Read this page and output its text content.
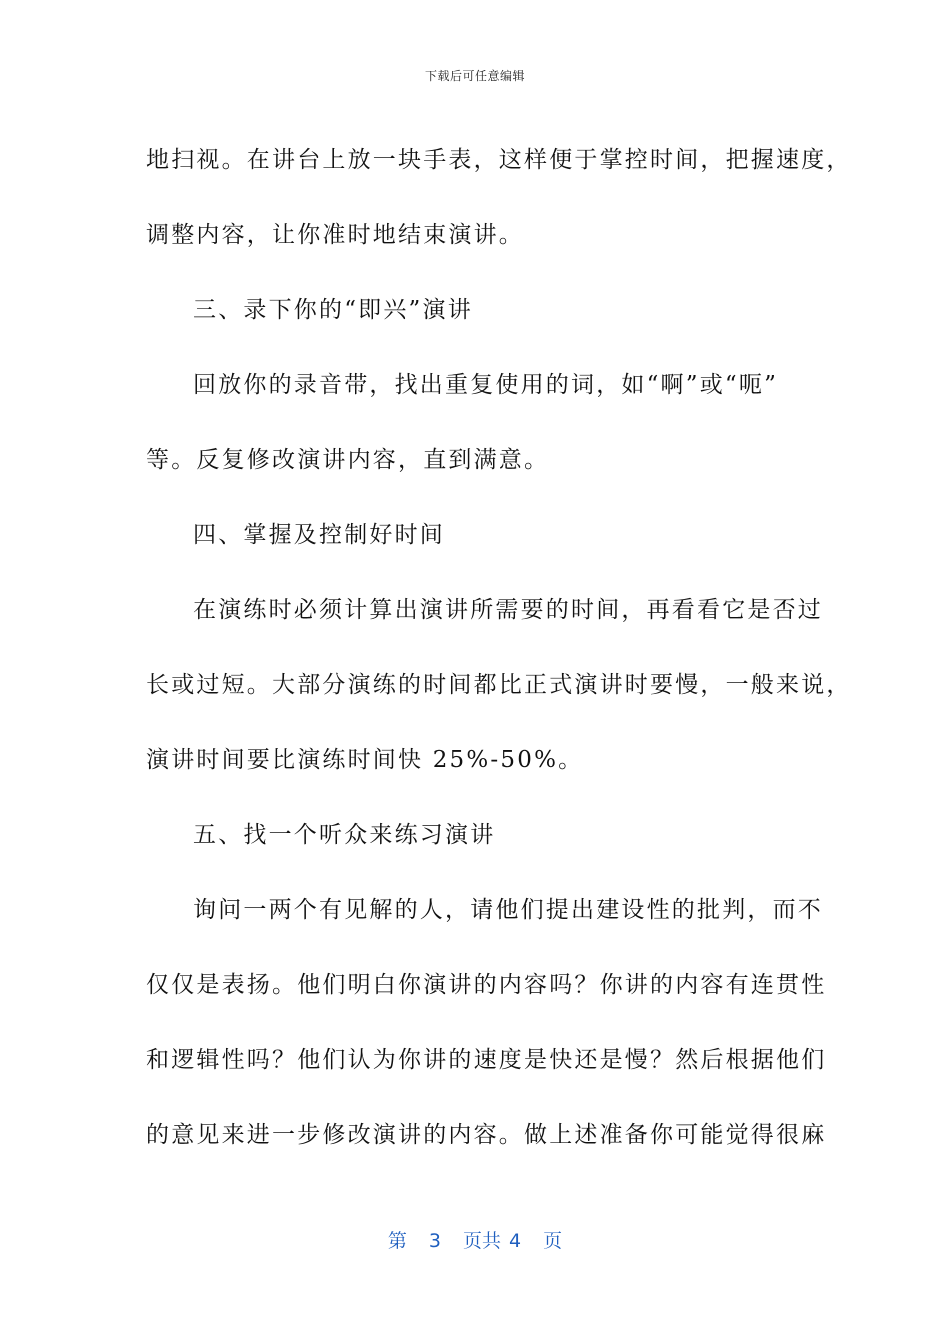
下载后可任意编辑
地扫视。在讲台上放一块手表，这样便于掌控时间，把握速度，
调整内容，让你准时地结束演讲。
三、录下你的“即兴”演讲
回放你的录音带，找出重复使用的词，如“啊”或“呃”
等。反复修改演讲内容，直到满意。
四、掌握及控制好时间
在演练时必须计算出演讲所需要的时间，再看看它是否过
长或过短。大部分演练的时间都比正式演讲时要慢，一般来说，
演讲时间要比演练时间快 25%-50%。
五、找一个听众来练习演讲
询问一两个有见解的人，请他们提出建设性的批判，而不
仅仅是表扬。他们明白你演讲的内容吗？你讲的内容有连贯性
和逻辑性吗？他们认为你讲的速度是快还是慢？然后根据他们
的意见来进一步修改演讲的内容。做上述准备你可能觉得很麻
第 3 页共 4 页
